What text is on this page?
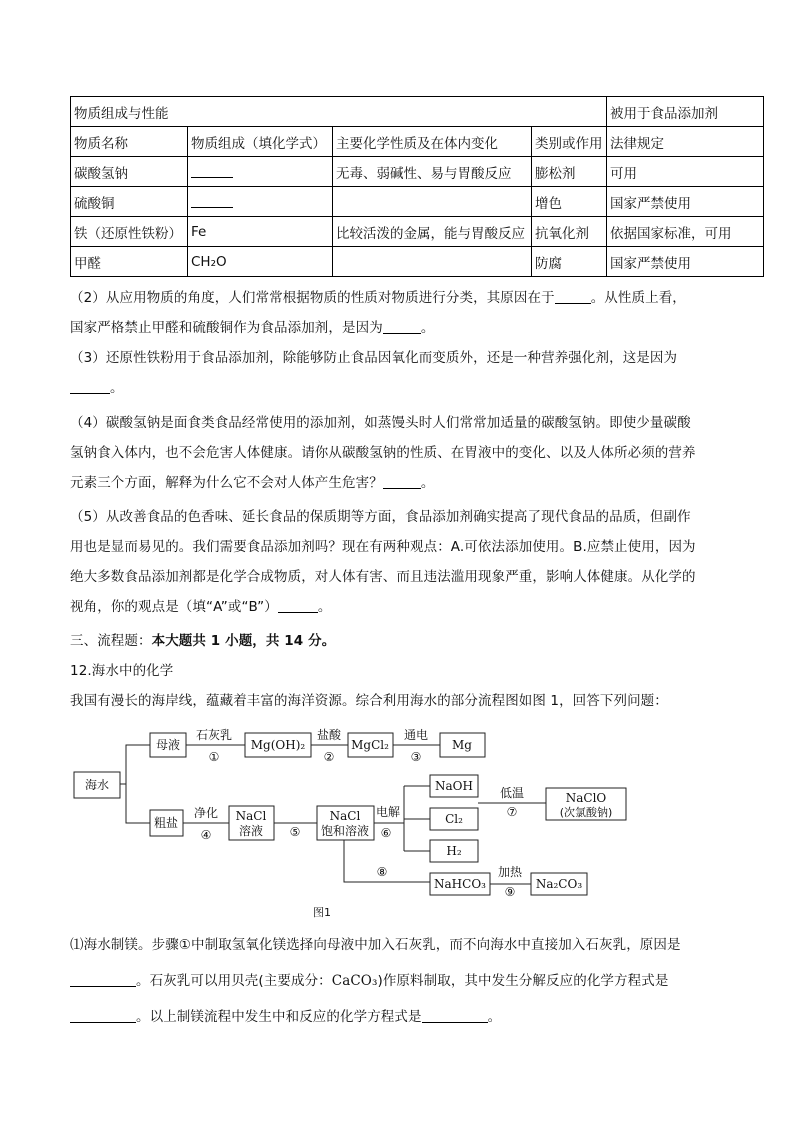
物质组成与性能				被用于食品添加剂
物质名称	物质组成（填化学式）	主要化学性质及在体内变化	类别或作用	法律规定
碳酸氢钠		无毒、弱碱性、易与胃酸反应	膨松剂	可用
硫酸铜			增色	国家严禁使用
铁（还原性铁粉）	Fe	比较活泼的金属，能与胃酸反应	抗氧化剂	依据国家标准，可用
甲醛	CH₂O		防腐	国家严禁使用

（2）从应用物质的角度，人们常常根据物质的性质对物质进行分类，其原因在于	。从性质上看，
国家严格禁止甲醛和硫酸铜作为食品添加剂，是因为	。

（3）还原性铁粉用于食品添加剂，除能够防止食品因氧化而变质外，还是一种营养强化剂，这是因为
。

（4）碳酸氢钠是面食类食品经常使用的添加剂，如蒸馒头时人们常常加适量的碳酸氢钠。即使少量碳酸
氢钠食入体内，也不会危害人体健康。请你从碳酸氢钠的性质、在胃液中的变化、以及人体所必须的营养
元素三个方面，解释为什么它不会对人体产生危害？	。

（5）从改善食品的色香味、延长食品的保质期等方面，食品添加剂确实提高了现代食品的品质，但副作
用也是显而易见的。我们需要食品添加剂吗？现在有两种观点：A.可依法添加使用。B.应禁止使用，因为
绝大多数食品添加剂都是化学合成物质，对人体有害、而且违法滥用现象严重，影响人体健康。从化学的
视角，你的观点是（填“A”或“B”）	。

三、流程题：本大题共 1 小题，共 14 分。

12.海水中的化学
我国有漫长的海岸线，蕴藏着丰富的海洋资源。综合利用海水的部分流程图如图 1，回答下列问题：

海水
母液	Mg(OH)₂	MgCl₂	Mg
粗盐	NaCl
溶液
NaCl
饱和溶液
NaOH
Cl₂
H₂
NaClO
(次氯酸钠)
NaHCO₃	Na₂CO₃
石灰乳
①
盐酸
②
通电
③
净化
④	⑤
电解
⑥
低温
⑦
⑧	加热
⑨
图1

⑴海水制镁。步骤①中制取氢氧化镁选择向母液中加入石灰乳，而不向海水中直接加入石灰乳，原因是
。石灰乳可以用贝壳(主要成分：CaCO₃)作原料制取，其中发生分解反应的化学方程式是
。以上制镁流程中发生中和反应的化学方程式是	。
